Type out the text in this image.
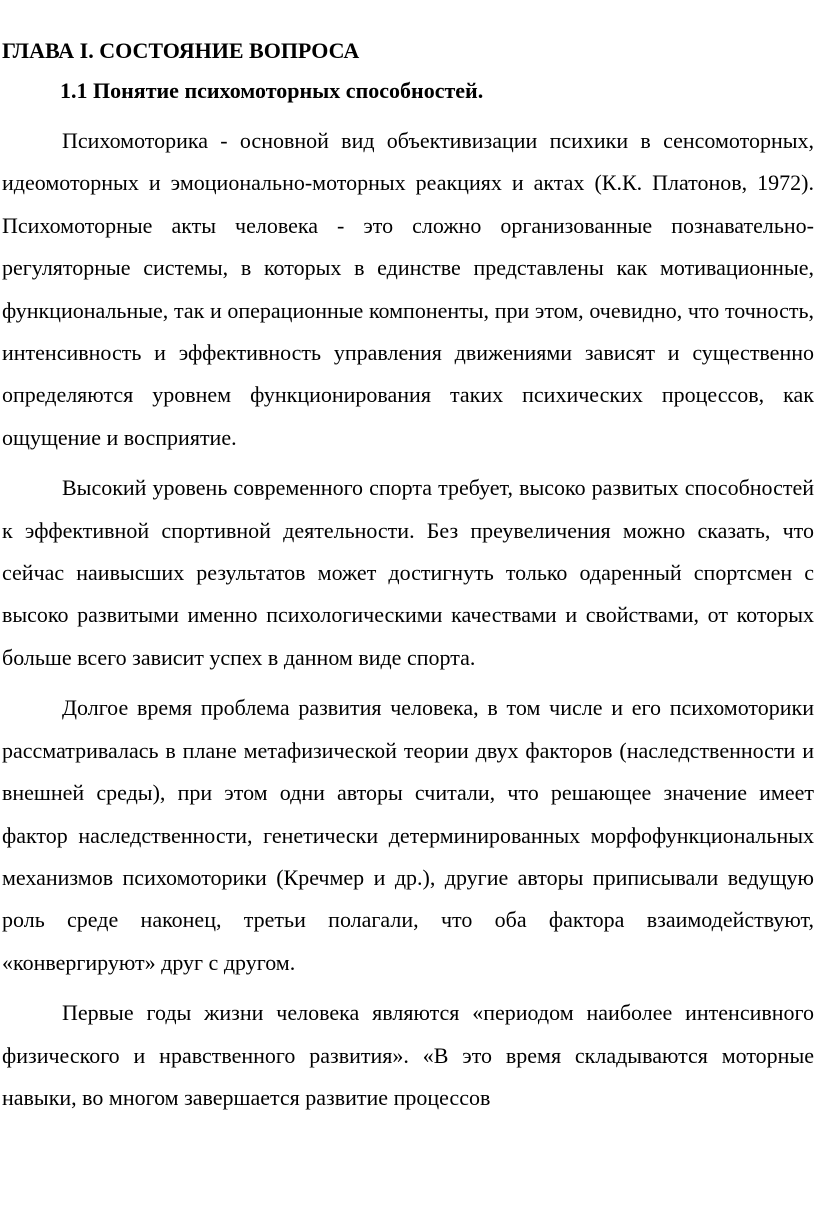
ГЛАВА I. СОСТОЯНИЕ ВОПРОСА
1.1 Понятие психомоторных способностей.

Психомоторика - основной вид объективизации психики в сенсомоторных, идеомоторных и эмоционально-моторных реакциях и актах (К.К. Платонов, 1972). Психомоторные акты человека - это сложно организованные познавательно-регуляторные системы, в которых в единстве представлены как мотивационные, функциональные, так и операционные компоненты, при этом, очевидно, что точность, интенсивность и эффективность управления движениями зависят и существенно определяются уровнем функционирования таких психических процессов, как ощущение и восприятие.

Высокий уровень современного спорта требует, высоко развитых способностей к эффективной спортивной деятельности. Без преувеличения можно сказать, что сейчас наивысших результатов может достигнуть только одаренный спортсмен с высоко развитыми именно психологическими качествами и свойствами, от которых больше всего зависит успех в данном виде спорта.

Долгое время проблема развития человека, в том числе и его психомоторики рассматривалась в плане метафизической теории двух факторов (наследственности и внешней среды), при этом одни авторы считали, что решающее значение имеет фактор наследственности, генетически детерминированных морфофункциональных механизмов психомоторики (Кречмер и др.), другие авторы приписывали ведущую роль среде наконец, третьи полагали, что оба фактора взаимодействуют, «конвергируют» друг с другом.

Первые годы жизни человека являются «периодом наиболее интенсивного физического и нравственного развития». «В это время складываются моторные навыки, во многом завершается развитие процессов
